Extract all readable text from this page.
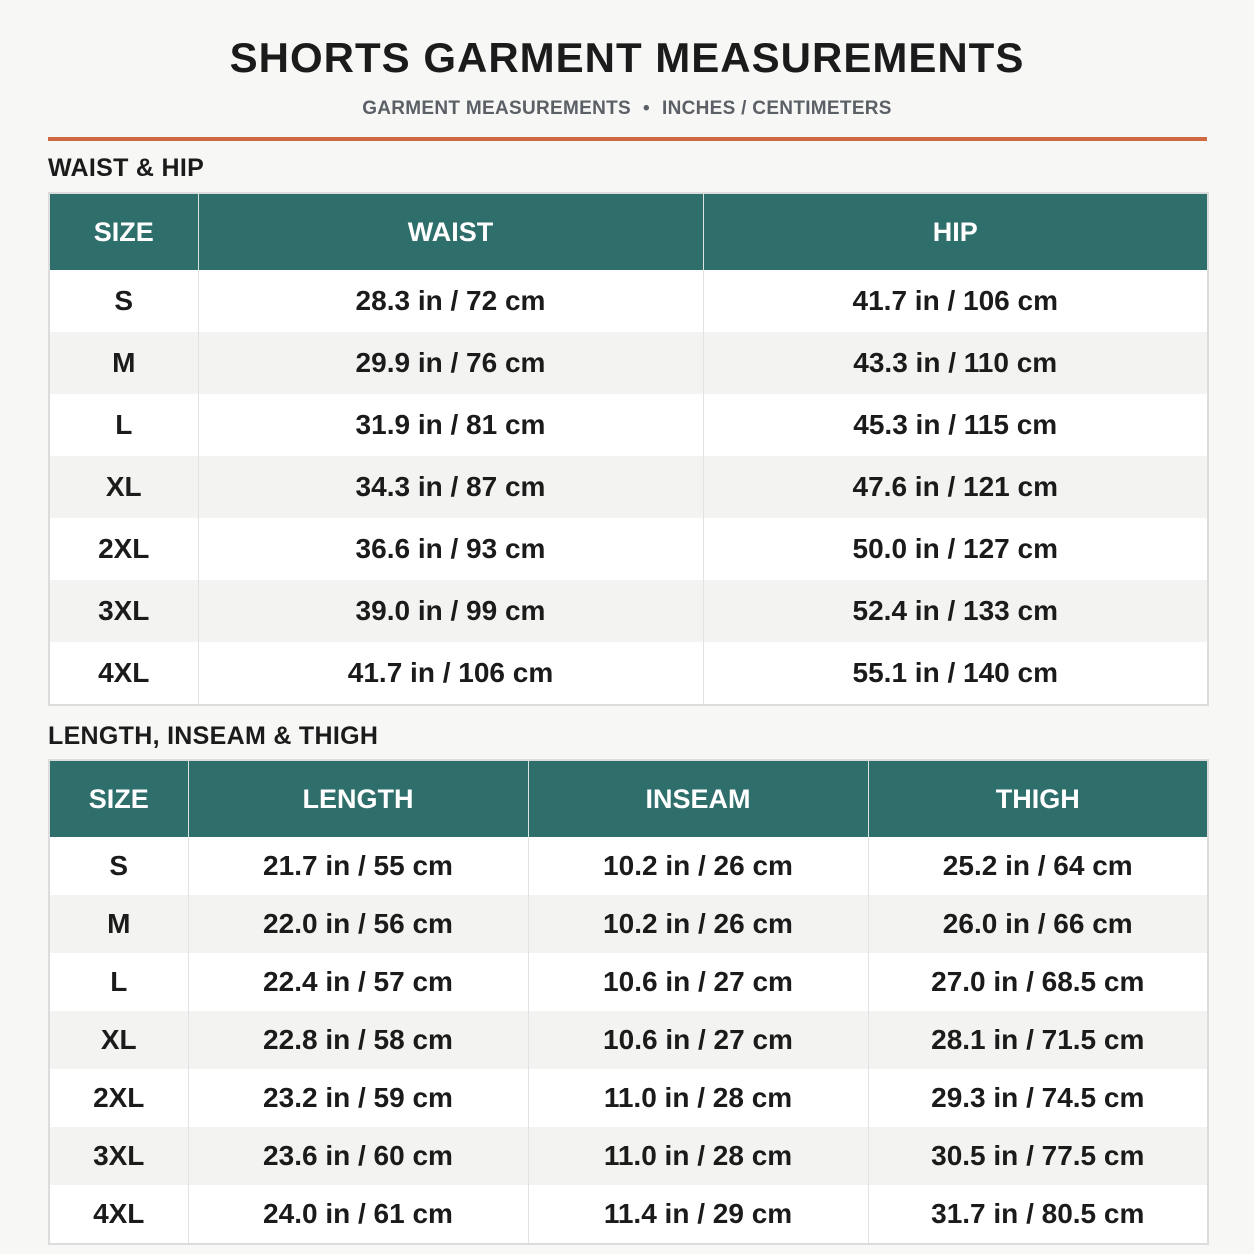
SHORTS GARMENT MEASUREMENTS
GARMENT MEASUREMENTS • INCHES / CENTIMETERS
WAIST & HIP
SIZE	WAIST	HIP
S	28.3 in / 72 cm	41.7 in / 106 cm
M	29.9 in / 76 cm	43.3 in / 110 cm
L	31.9 in / 81 cm	45.3 in / 115 cm
XL	34.3 in / 87 cm	47.6 in / 121 cm
2XL	36.6 in / 93 cm	50.0 in / 127 cm
3XL	39.0 in / 99 cm	52.4 in / 133 cm
4XL	41.7 in / 106 cm	55.1 in / 140 cm
LENGTH, INSEAM & THIGH
SIZE	LENGTH	INSEAM	THIGH
S	21.7 in / 55 cm	10.2 in / 26 cm	25.2 in / 64 cm
M	22.0 in / 56 cm	10.2 in / 26 cm	26.0 in / 66 cm
L	22.4 in / 57 cm	10.6 in / 27 cm	27.0 in / 68.5 cm
XL	22.8 in / 58 cm	10.6 in / 27 cm	28.1 in / 71.5 cm
2XL	23.2 in / 59 cm	11.0 in / 28 cm	29.3 in / 74.5 cm
3XL	23.6 in / 60 cm	11.0 in / 28 cm	30.5 in / 77.5 cm
4XL	24.0 in / 61 cm	11.4 in / 29 cm	31.7 in / 80.5 cm
